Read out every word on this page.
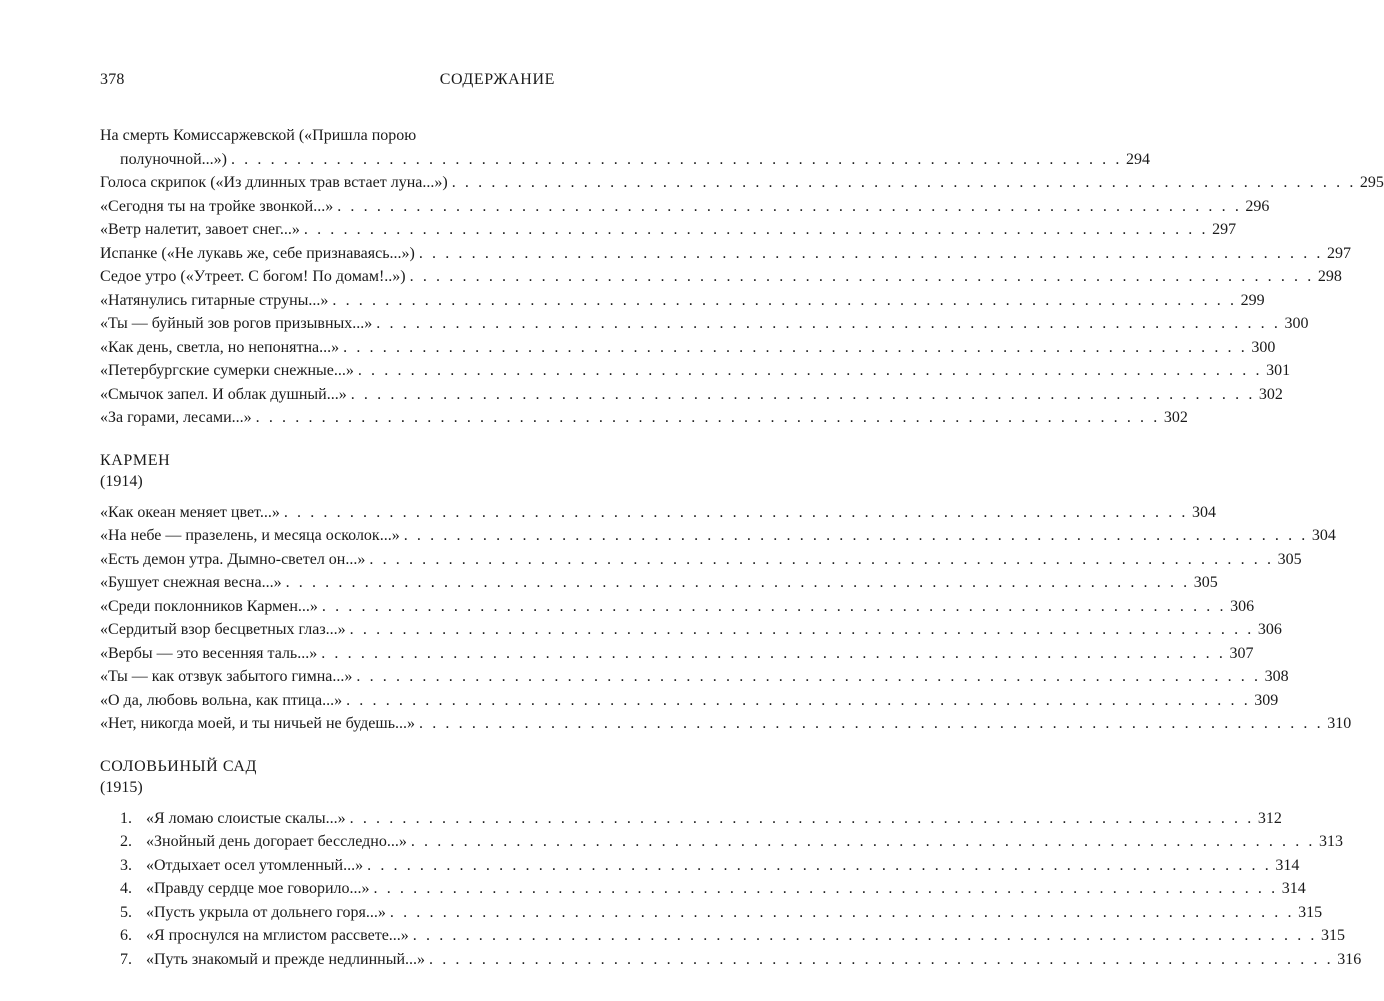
378	СОДЕРЖАНИЕ
На смерть Комиссаржевской («Пришла порою
полуночной...») . . . . . . . . . . . . . . . . . . . . . . . . . . . . . . . . . . . . . . . . . . . . . . . . . . . . . . . . . . . . . . . . . . . . 294
Голоса скрипок («Из длинных трав встает луна...») . . . . . . . . . . . . . . . . . . . . . . . . . . . . . . . . . . . . . . . . . . . . . . . . . . . . . . . . . . . . . . . . . . . . . 295
«Сегодня ты на тройке звонкой...» . . . . . . . . . . . . . . . . . . . . . . . . . . . . . . . . . . . . . . . . . . . . . . . . . . . . . . . . . . . . . . . . . . . . . 296
«Ветр налетит, завоет снег...» . . . . . . . . . . . . . . . . . . . . . . . . . . . . . . . . . . . . . . . . . . . . . . . . . . . . . . . . . . . . . . . . . . . . . 297
Испанке («Не лукавь же, себе признаваясь...») . . . . . . . . . . . . . . . . . . . . . . . . . . . . . . . . . . . . . . . . . . . . . . . . . . . . . . . . . . . . . . . . . . . . . 297
Седое утро («Утреет. С богом! По домам!..») . . . . . . . . . . . . . . . . . . . . . . . . . . . . . . . . . . . . . . . . . . . . . . . . . . . . . . . . . . . . . . . . . . . . . 298
«Натянулись гитарные струны...» . . . . . . . . . . . . . . . . . . . . . . . . . . . . . . . . . . . . . . . . . . . . . . . . . . . . . . . . . . . . . . . . . . . . . 299
«Ты — буйный зов рогов призывных...» . . . . . . . . . . . . . . . . . . . . . . . . . . . . . . . . . . . . . . . . . . . . . . . . . . . . . . . . . . . . . . . . . . . . . 300
«Как день, светла, но непонятна...» . . . . . . . . . . . . . . . . . . . . . . . . . . . . . . . . . . . . . . . . . . . . . . . . . . . . . . . . . . . . . . . . . . . . . 300
«Петербургские сумерки снежные...» . . . . . . . . . . . . . . . . . . . . . . . . . . . . . . . . . . . . . . . . . . . . . . . . . . . . . . . . . . . . . . . . . . . . . 301
«Смычок запел. И облак душный...» . . . . . . . . . . . . . . . . . . . . . . . . . . . . . . . . . . . . . . . . . . . . . . . . . . . . . . . . . . . . . . . . . . . . . 302
«За горами, лесами...» . . . . . . . . . . . . . . . . . . . . . . . . . . . . . . . . . . . . . . . . . . . . . . . . . . . . . . . . . . . . . . . . . . . . . 302
КАРМЕН
(1914)
«Как океан меняет цвет...» . . . . . . . . . . . . . . . . . . . . . . . . . . . . . . . . . . . . . . . . . . . . . . . . . . . . . . . . . . . . . . . . . . . . . 304
«На небе — празелень, и месяца осколок...» . . . . . . . . . . . . . . . . . . . . . . . . . . . . . . . . . . . . . . . . . . . . . . . . . . . . . . . . . . . . . . . . . . . . . 304
«Есть демон утра. Дымно-светел он...» . . . . . . . . . . . . . . . . . . . . . . . . . . . . . . . . . . . . . . . . . . . . . . . . . . . . . . . . . . . . . . . . . . . . . 305
«Бушует снежная весна...» . . . . . . . . . . . . . . . . . . . . . . . . . . . . . . . . . . . . . . . . . . . . . . . . . . . . . . . . . . . . . . . . . . . . . 305
«Среди поклонников Кармен...» . . . . . . . . . . . . . . . . . . . . . . . . . . . . . . . . . . . . . . . . . . . . . . . . . . . . . . . . . . . . . . . . . . . . . 306
«Сердитый взор бесцветных глаз...» . . . . . . . . . . . . . . . . . . . . . . . . . . . . . . . . . . . . . . . . . . . . . . . . . . . . . . . . . . . . . . . . . . . . . 306
«Вербы — это весенняя таль...» . . . . . . . . . . . . . . . . . . . . . . . . . . . . . . . . . . . . . . . . . . . . . . . . . . . . . . . . . . . . . . . . . . . . . 307
«Ты — как отзвук забытого гимна...» . . . . . . . . . . . . . . . . . . . . . . . . . . . . . . . . . . . . . . . . . . . . . . . . . . . . . . . . . . . . . . . . . . . . . 308
«О да, любовь вольна, как птица...» . . . . . . . . . . . . . . . . . . . . . . . . . . . . . . . . . . . . . . . . . . . . . . . . . . . . . . . . . . . . . . . . . . . . . 309
«Нет, никогда моей, и ты ничьей не будешь...» . . . . . . . . . . . . . . . . . . . . . . . . . . . . . . . . . . . . . . . . . . . . . . . . . . . . . . . . . . . . . . . . . . . . . 310
СОЛОВЬИНЫЙ САД
(1915)
1. «Я ломаю слоистые скалы...» . . . . . . . . . . . . . . . . . . . . . . . . . . . . . . . . . . . . . . . . . . . . . . . . . . . . . . . . . . . . . . . . . . . . . 312
2. «Знойный день догорает бесследно...» . . . . . . . . . . . . . . . . . . . . . . . . . . . . . . . . . . . . . . . . . . . . . . . . . . . . . . . . . . . . . . . . . . . . . 313
3. «Отдыхает осел утомленный...» . . . . . . . . . . . . . . . . . . . . . . . . . . . . . . . . . . . . . . . . . . . . . . . . . . . . . . . . . . . . . . . . . . . . . 314
4. «Правду сердце мое говорило...» . . . . . . . . . . . . . . . . . . . . . . . . . . . . . . . . . . . . . . . . . . . . . . . . . . . . . . . . . . . . . . . . . . . . . 314
5. «Пусть укрыла от дольнего горя...» . . . . . . . . . . . . . . . . . . . . . . . . . . . . . . . . . . . . . . . . . . . . . . . . . . . . . . . . . . . . . . . . . . . . . 315
6. «Я проснулся на мглистом рассвете...» . . . . . . . . . . . . . . . . . . . . . . . . . . . . . . . . . . . . . . . . . . . . . . . . . . . . . . . . . . . . . . . . . . . . . 315
7. «Путь знакомый и прежде недлинный...» . . . . . . . . . . . . . . . . . . . . . . . . . . . . . . . . . . . . . . . . . . . . . . . . . . . . . . . . . . . . . . . . . . . . . 316
